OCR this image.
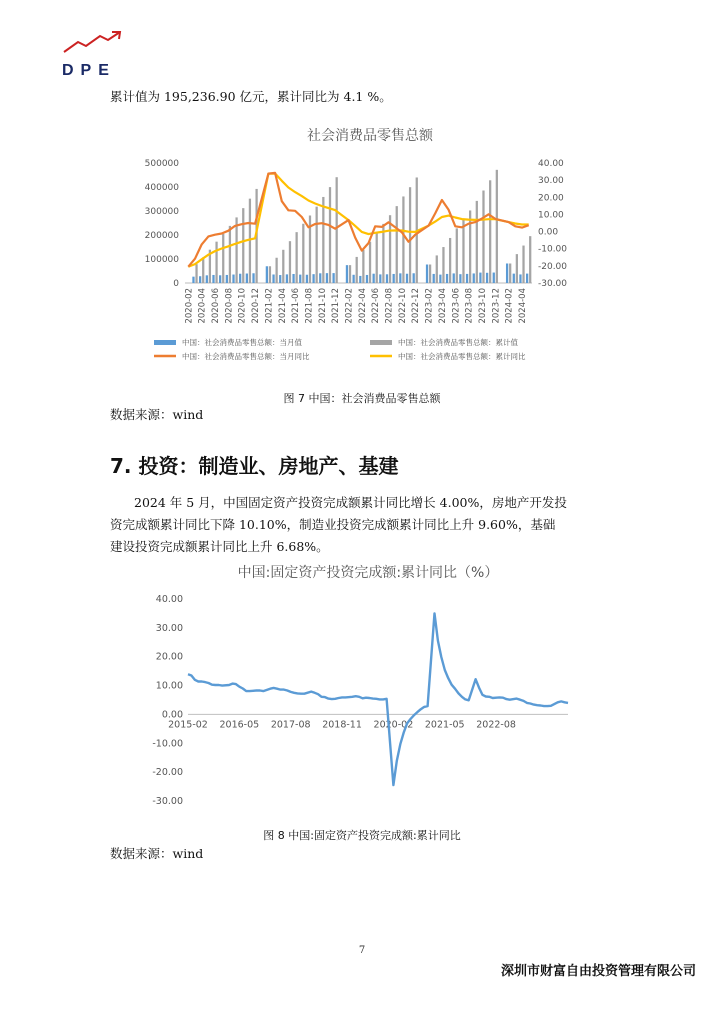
DPE
累计值为 195,236.90 亿元，累计同比为 4.1 %。
社会消费品零售总额
0
100000
200000
300000
400000
500000
-30.00
-20.00
-10.00
0.00
10.00
20.00
30.00
40.00
2020-02 2020-04 2020-06 2020-08 2020-10 2020-12 2021-02 2021-04 2021-06 2021-08 2021-10 2021-12 2022-02 2022-04 2022-06 2022-08 2022-10 2022-12 2023-02 2023-04 2023-06 2023-08 2023-10 2023-12 2024-02 2024-04
中国：社会消费品零售总额：当月值	中国：社会消费品零售总额：累计值
中国：社会消费品零售总额：当月同比	中国：社会消费品零售总额：累计同比
图 7 中国：社会消费品零售总额
数据来源：wind
7. 投资：制造业、房地产、基建
2024 年 5 月，中国固定资产投资完成额累计同比增长 4.00%，房地产开发投
资完成额累计同比下降 10.10%，制造业投资完成额累计同比上升 9.60%，基础
建设投资完成额累计同比上升 6.68%。
中国:固定资产投资完成额:累计同比（%）
40.00
30.00
20.00
10.00
0.00
-10.00
-20.00
-30.00
2015-02 2016-05 2017-08 2018-11 2020-02 2021-05 2022-08
图 8 中国:固定资产投资完成额:累计同比
数据来源：wind
7
深圳市财富自由投资管理有限公司
